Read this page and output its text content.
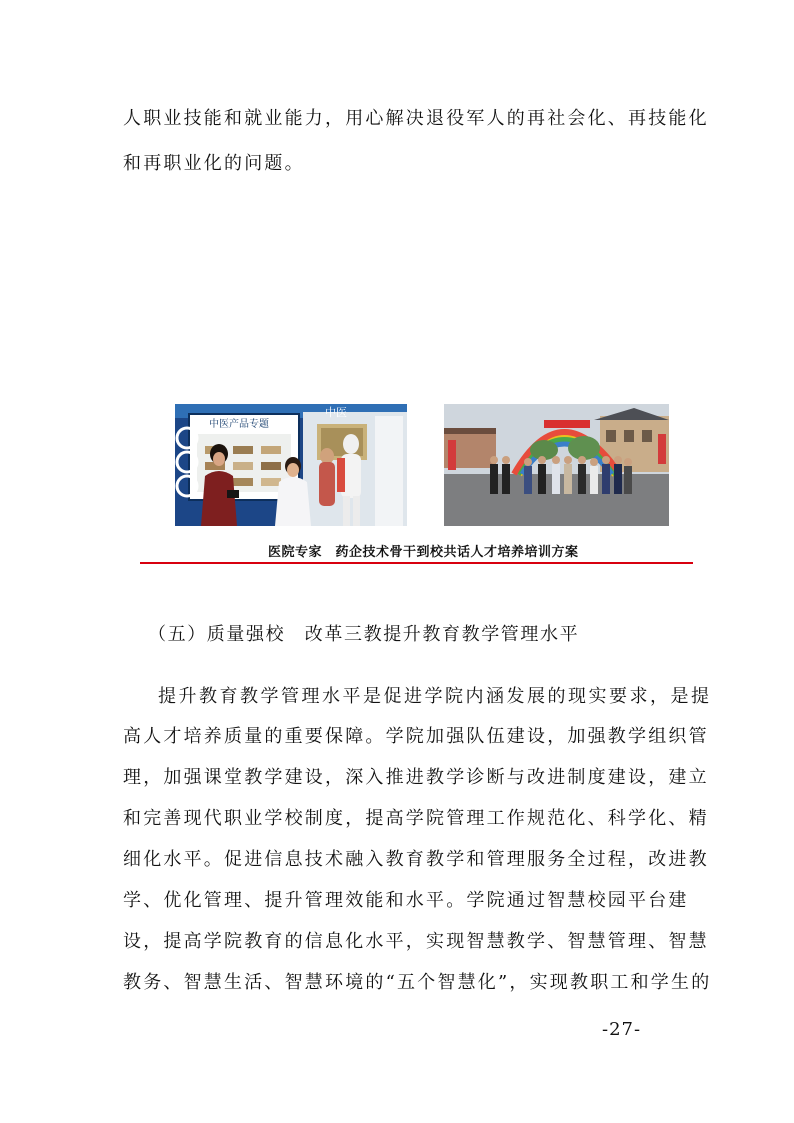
人职业技能和就业能力，用心解决退役军人的再社会化、再技能化
和再职业化的问题。
中医产品专题
中医
医院专家　药企技术骨干到校共话人才培养培训方案
（五）质量强校　改革三教提升教育教学管理水平
提升教育教学管理水平是促进学院内涵发展的现实要求，是提
高人才培养质量的重要保障。学院加强队伍建设，加强教学组织管
理，加强课堂教学建设，深入推进教学诊断与改进制度建设，建立
和完善现代职业学校制度，提高学院管理工作规范化、科学化、精
细化水平。促进信息技术融入教育教学和管理服务全过程，改进教
学、优化管理、提升管理效能和水平。学院通过智慧校园平台建
设，提高学院教育的信息化水平，实现智慧教学、智慧管理、智慧
教务、智慧生活、智慧环境的“五个智慧化”，实现教职工和学生的
-27-
